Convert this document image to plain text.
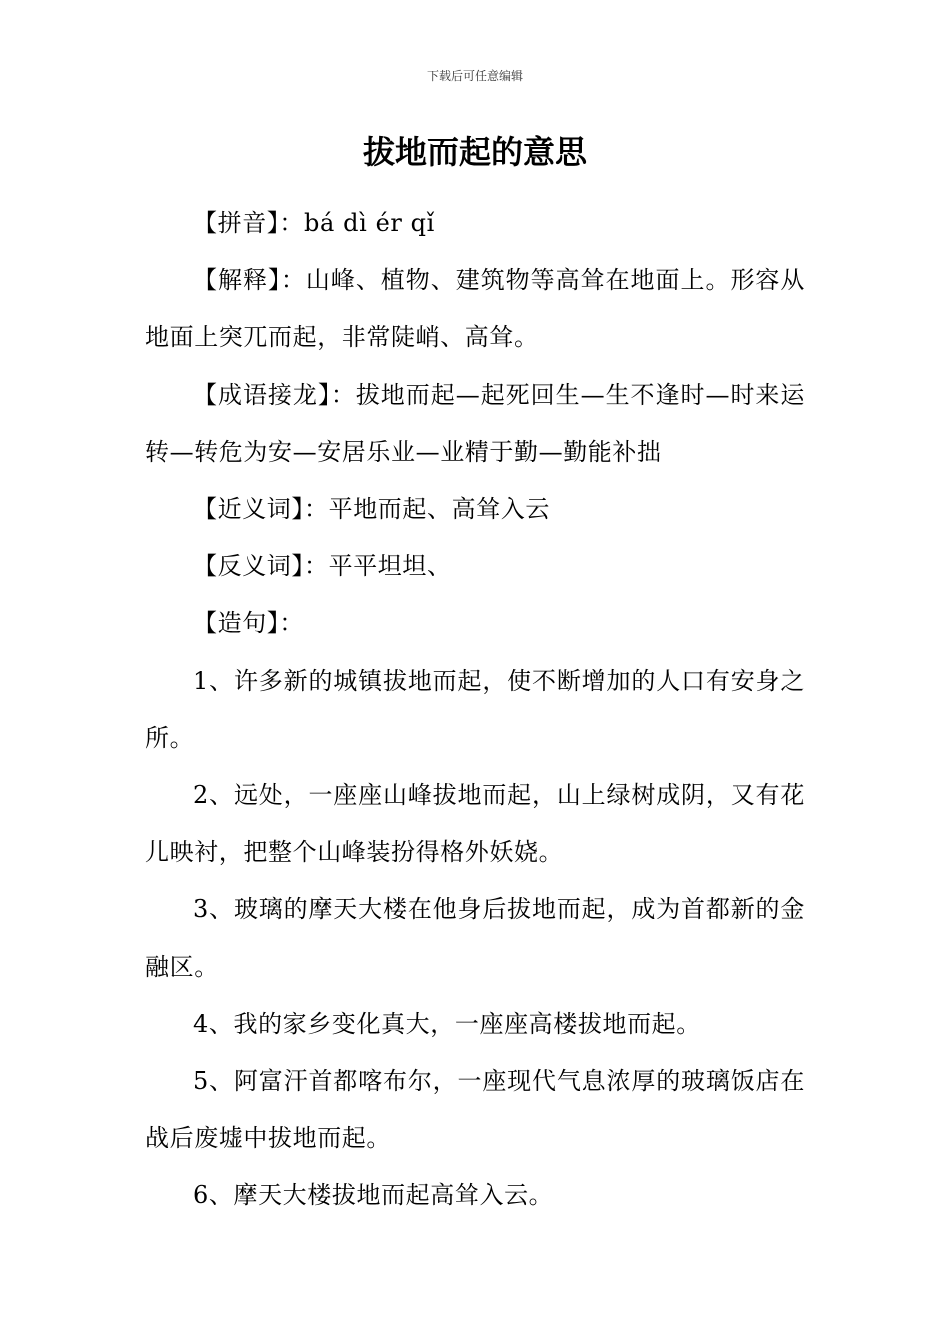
下载后可任意编辑
拔地而起的意思

【拼音】：bá dì ér qǐ

【解释】：山峰、植物、建筑物等高耸在地面上。形容从地面上突兀而起，非常陡峭、高耸。

【成语接龙】：拔地而起—起死回生—生不逢时—时来运转—转危为安—安居乐业—业精于勤—勤能补拙

【近义词】：平地而起、高耸入云

【反义词】：平平坦坦、

【造句】：

1、许多新的城镇拔地而起，使不断增加的人口有安身之所。

2、远处，一座座山峰拔地而起，山上绿树成阴，又有花儿映衬，把整个山峰装扮得格外妖娆。

3、玻璃的摩天大楼在他身后拔地而起，成为首都新的金融区。

4、我的家乡变化真大，一座座高楼拔地而起。

5、阿富汗首都喀布尔，一座现代气息浓厚的玻璃饭店在战后废墟中拔地而起。

6、摩天大楼拔地而起高耸入云。
